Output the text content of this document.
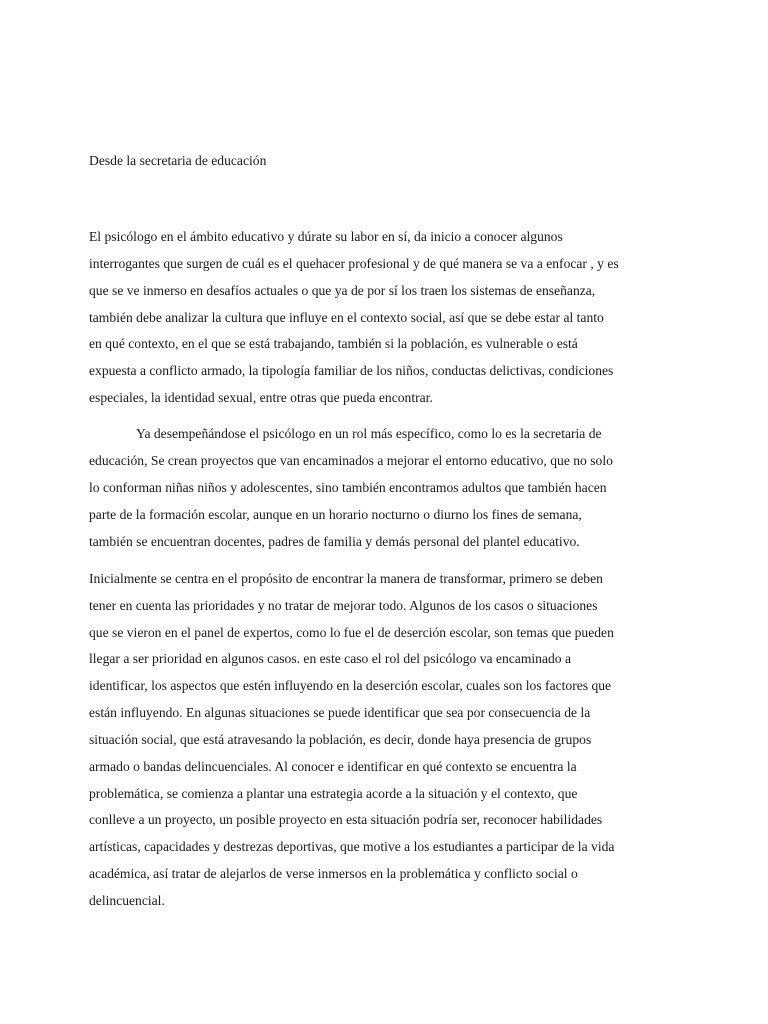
Desde la secretaria de educación

El psicólogo en el ámbito educativo y dúrate su labor en sí, da inicio a conocer algunos

interrogantes que surgen de cuál es el quehacer profesional y de qué manera se va a enfocar , y es

que se ve inmerso en desafíos actuales o que ya de por sí los traen los sistemas de enseñanza,

también debe analizar la cultura que influye en el contexto social, así que se debe estar al tanto

en qué contexto, en el que se está trabajando, también si la población, es vulnerable o está

expuesta a conflicto armado, la tipología familiar de los niños, conductas delictivas, condiciones

especiales, la identidad sexual, entre otras que pueda encontrar.

Ya desempeñándose el psicólogo en un rol más específico, como lo es la secretaria de

educación, Se crean proyectos que van encaminados a mejorar el entorno educativo, que no solo

lo conforman niñas niños y adolescentes, sino también encontramos adultos que también hacen

parte de la formación escolar, aunque en un horario nocturno o diurno los fines de semana,

también se encuentran docentes, padres de familia y demás personal del plantel educativo.

Inicialmente se centra en el propósito de encontrar la manera de transformar, primero se deben

tener en cuenta las prioridades y no tratar de mejorar todo. Algunos de los casos o situaciones

que se vieron en el panel de expertos, como lo fue el de deserción escolar, son temas que pueden

llegar a ser prioridad en algunos casos. en este caso el rol del psicólogo va encaminado a

identificar, los aspectos que estén influyendo en la deserción escolar, cuales son los factores que

están influyendo. En algunas situaciones se puede identificar que sea por consecuencia de la

situación social, que está atravesando la población, es decir, donde haya presencia de grupos

armado o bandas delincuenciales. Al conocer e identificar en qué contexto se encuentra la

problemática, se comienza a plantar una estrategia acorde a la situación y el contexto, que

conlleve a un proyecto, un posible proyecto en esta situación podría ser, reconocer habilidades

artísticas, capacidades y destrezas deportivas, que motive a los estudiantes a participar de la vida

académica, así tratar de alejarlos de verse inmersos en la problemática y conflicto social o

delincuencial.
